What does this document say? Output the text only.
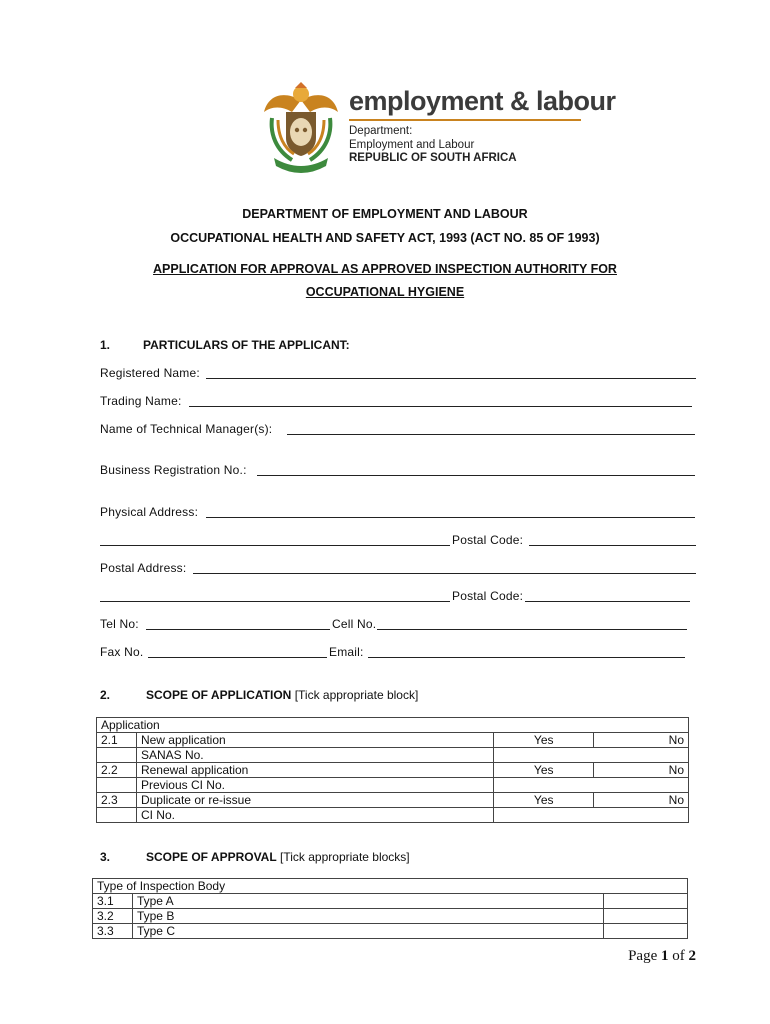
employment & labour
Department:
Employment and Labour
REPUBLIC OF SOUTH AFRICA
DEPARTMENT OF EMPLOYMENT AND LABOUR
OCCUPATIONAL HEALTH AND SAFETY ACT, 1993 (ACT NO. 85 OF 1993)
APPLICATION FOR APPROVAL AS APPROVED INSPECTION AUTHORITY FOR
OCCUPATIONAL HYGIENE
1.	PARTICULARS OF THE APPLICANT:
Registered Name:
Trading Name:
Name of Technical Manager(s):
Business Registration No.:
Physical Address:
Postal Code:
Postal Address:
Postal Code:
Tel No:	Cell No.
Fax No.	Email:
2.	SCOPE OF APPLICATION [Tick appropriate block]
Application			
2.1	New application	Yes	No
	SANAS No.		
2.2	Renewal application	Yes	No
	Previous CI No.		
2.3	Duplicate or re-issue	Yes	No
	CI No.		
3.	SCOPE OF APPROVAL [Tick appropriate blocks]
Type of Inspection Body		
3.1	Type A	
3.2	Type B	
3.3	Type C	
Page 1 of 2
